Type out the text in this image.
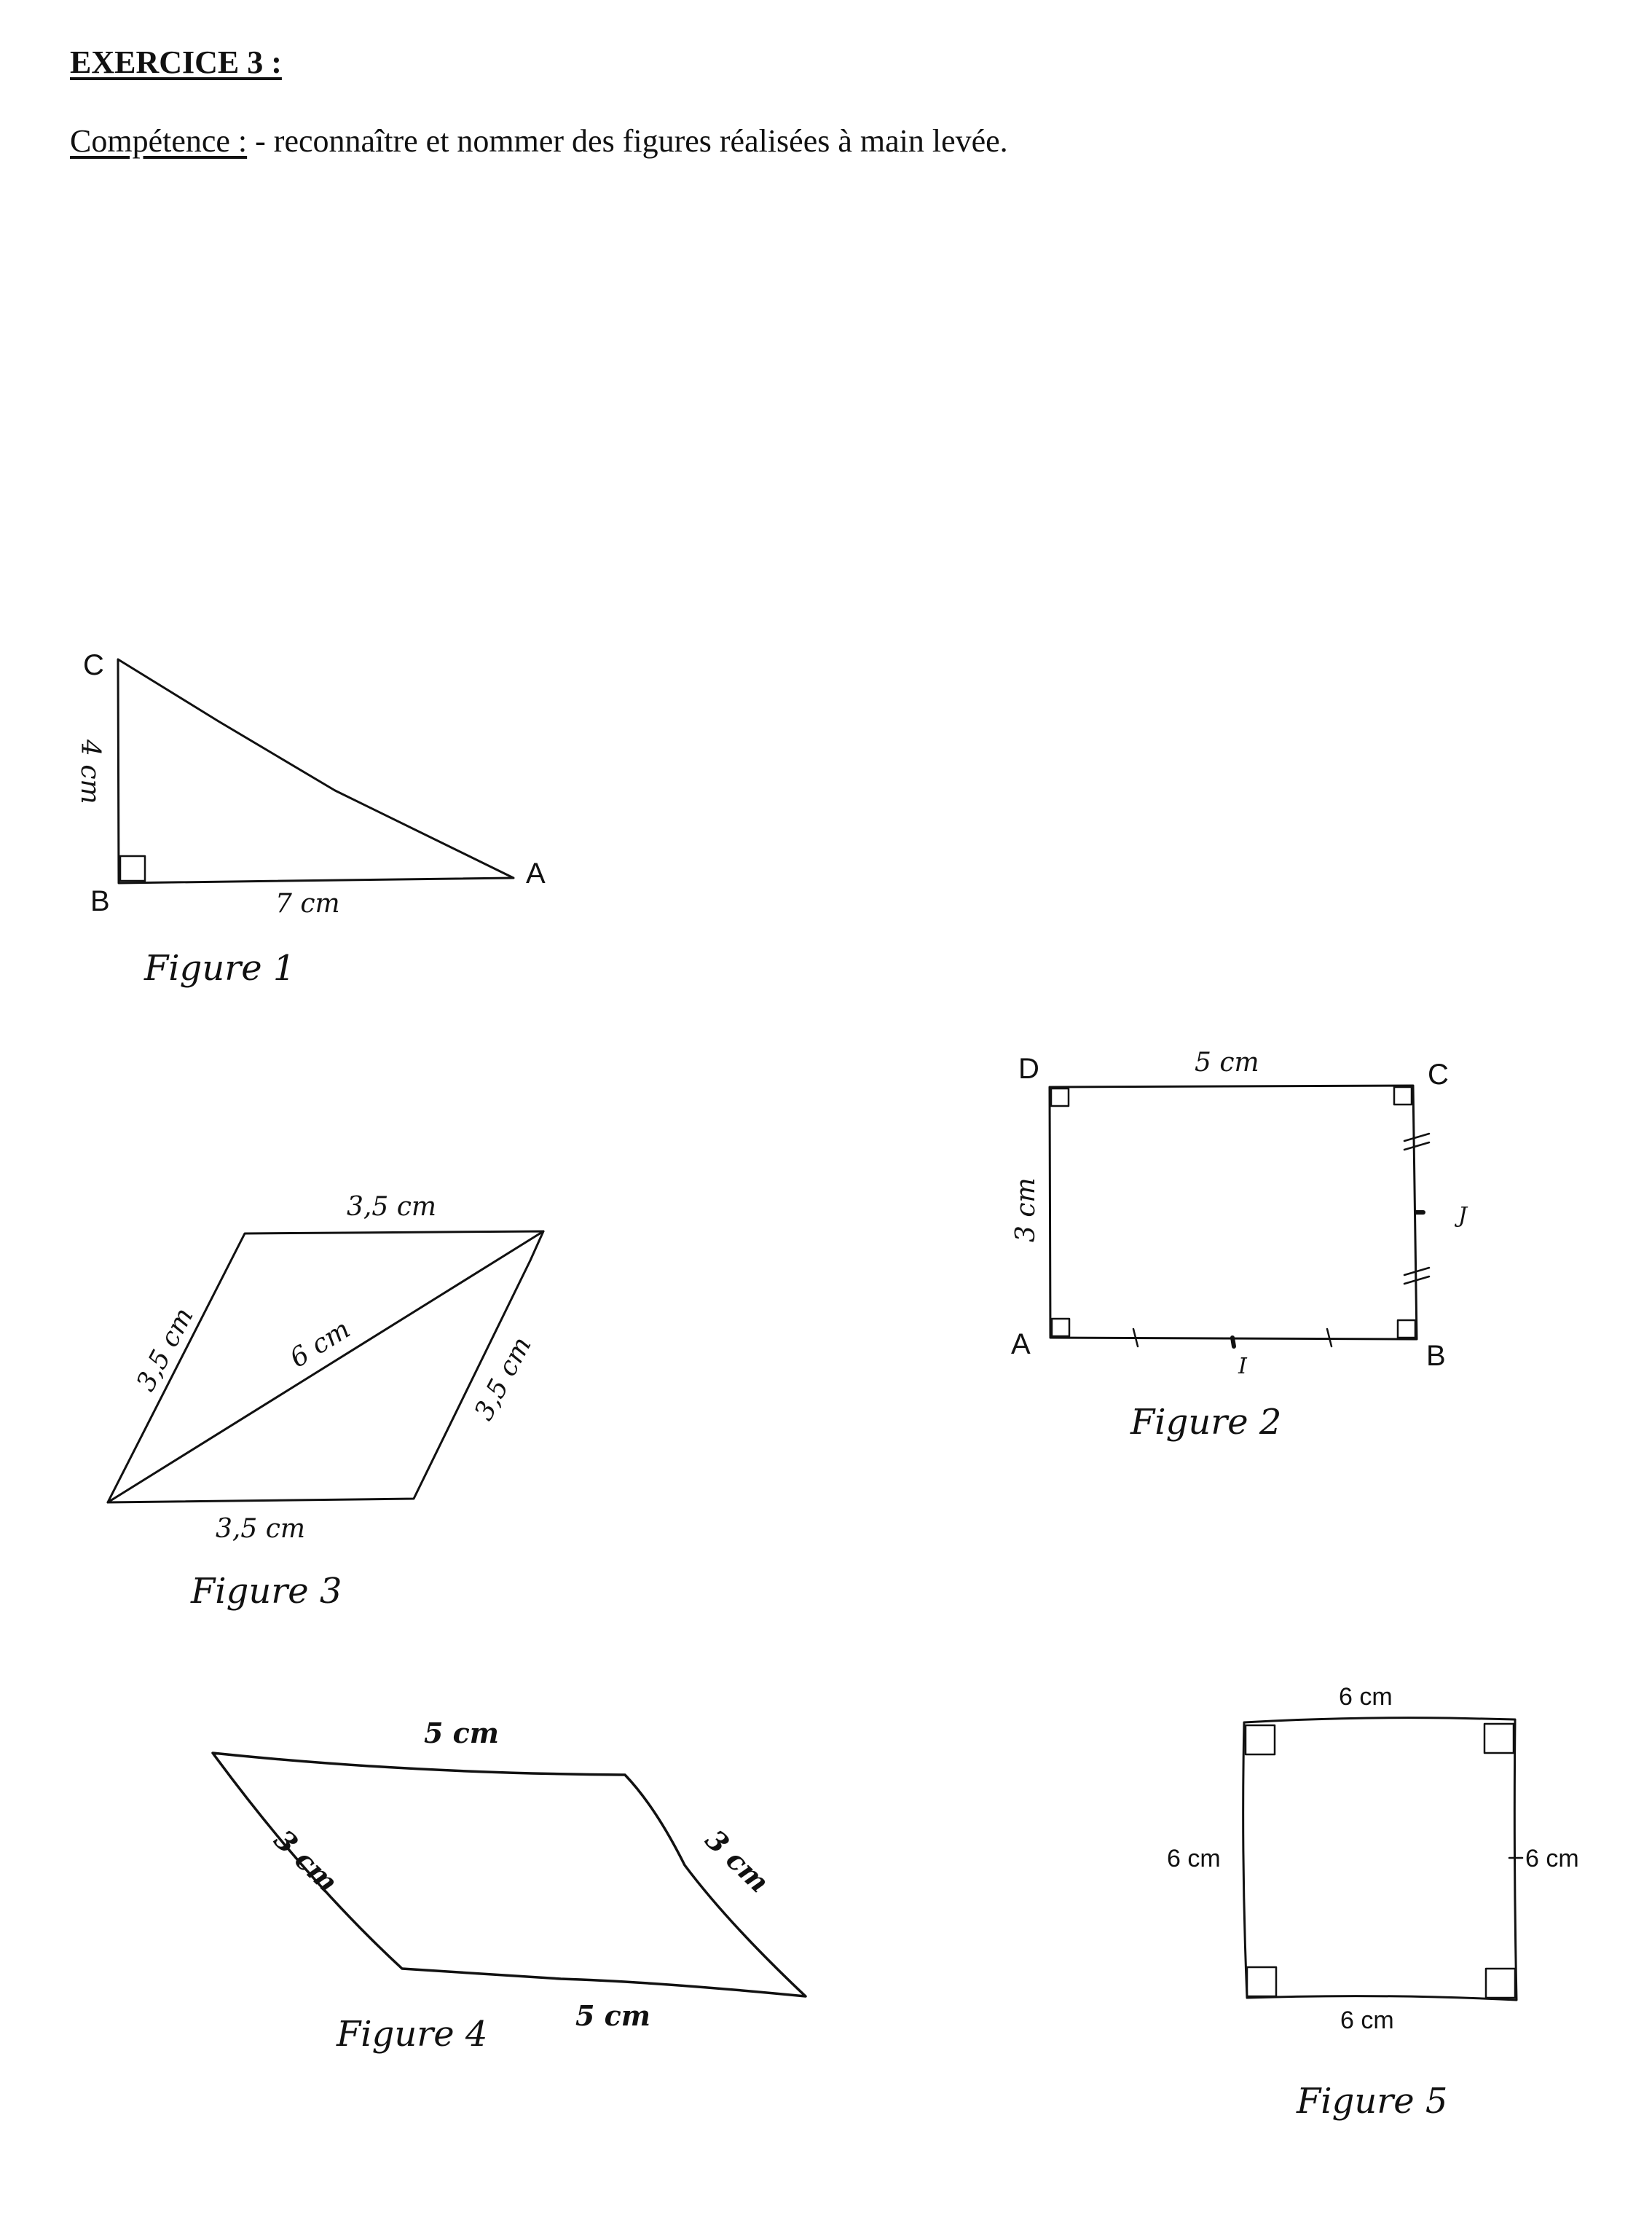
EXERCICE 3 :
Compétence : - reconnaître et nommer des figures réalisées à main levée.
C
B
A
4 cm
7 cm
Figure 1
D	C
A	B
5 cm
3 cm
I
J
Figure 2
3,5 cm
3,5 cm	3,5 cm
6 cm
3,5 cm
Figure 3
5 cm
3 cm	3 cm
5 cm
Figure 4
6 cm
6 cm	6 cm
6 cm
Figure 5
